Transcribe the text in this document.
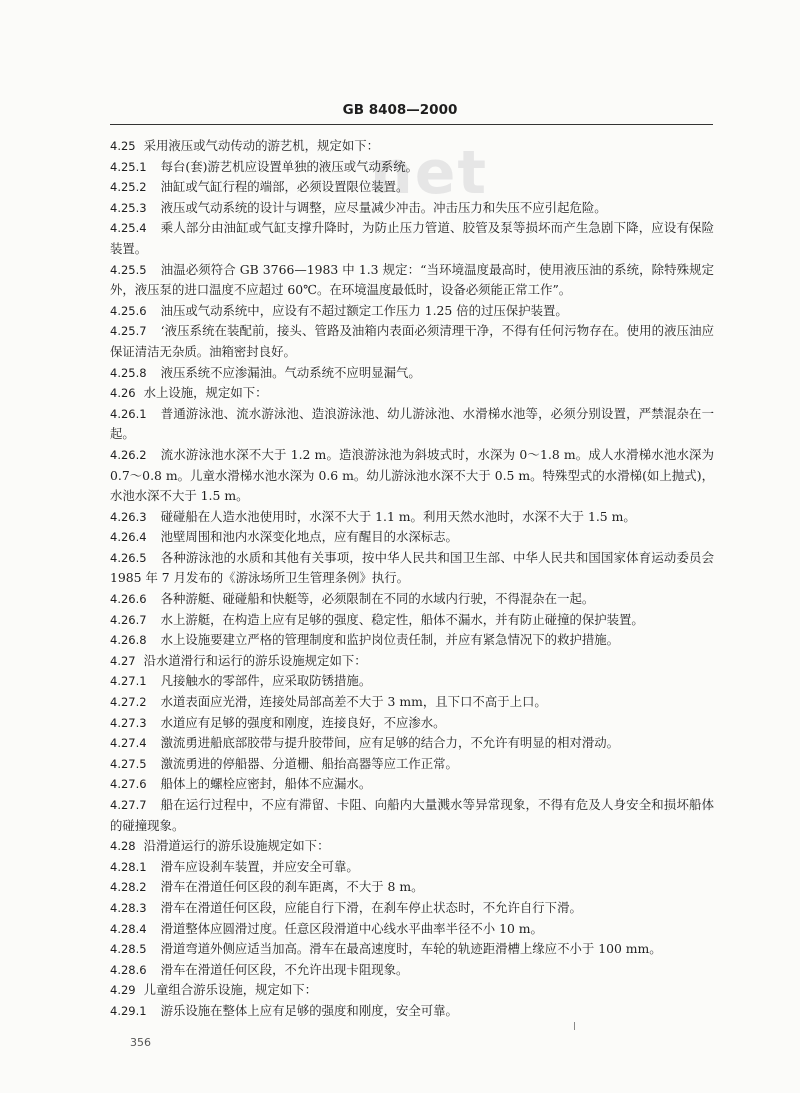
net
GB 8408—2000
4.25 采用液压或气动传动的游艺机，规定如下：
4.25.1 每台(套)游艺机应设置单独的液压或气动系统。
4.25.2 油缸或气缸行程的端部，必须设置限位装置。
4.25.3 液压或气动系统的设计与调整，应尽量减少冲击。冲击压力和失压不应引起危险。
4.25.4 乘人部分由油缸或气缸支撑升降时，为防止压力管道、胶管及泵等损坏而产生急剧下降，应设有保险装置。
4.25.5 油温必须符合 GB 3766—1983 中 1.3 规定：“当环境温度最高时，使用液压油的系统，除特殊规定外，液压泵的进口温度不应超过 60℃。在环境温度最低时，设备必须能正常工作”。
4.25.6 油压或气动系统中，应设有不超过额定工作压力 1.25 倍的过压保护装置。
4.25.7 ‘液压系统在装配前，接头、管路及油箱内表面必须清理干净，不得有任何污物存在。使用的液压油应保证清洁无杂质。油箱密封良好。
4.25.8 液压系统不应渗漏油。气动系统不应明显漏气。
4.26 水上设施，规定如下：
4.26.1 普通游泳池、流水游泳池、造浪游泳池、幼儿游泳池、水滑梯水池等，必须分别设置，严禁混杂在一起。
4.26.2 流水游泳池水深不大于 1.2 m。造浪游泳池为斜坡式时，水深为 0～1.8 m。成人水滑梯水池水深为 0.7～0.8 m。儿童水滑梯水池水深为 0.6 m。幼儿游泳池水深不大于 0.5 m。特殊型式的水滑梯(如上抛式)，水池水深不大于 1.5 m。
4.26.3 碰碰船在人造水池使用时，水深不大于 1.1 m。利用天然水池时，水深不大于 1.5 m。
4.26.4 池壁周围和池内水深变化地点，应有醒目的水深标志。
4.26.5 各种游泳池的水质和其他有关事项，按中华人民共和国卫生部、中华人民共和国国家体育运动委员会 1985 年 7 月发布的《游泳场所卫生管理条例》执行。
4.26.6 各种游艇、碰碰船和快艇等，必须限制在不同的水域内行驶，不得混杂在一起。
4.26.7 水上游艇，在构造上应有足够的强度、稳定性，船体不漏水，并有防止碰撞的保护装置。
4.26.8 水上设施要建立严格的管理制度和监护岗位责任制，并应有紧急情况下的救护措施。
4.27 沿水道滑行和运行的游乐设施规定如下：
4.27.1 凡接触水的零部件，应采取防锈措施。
4.27.2 水道表面应光滑，连接处局部高差不大于 3 mm，且下口不高于上口。
4.27.3 水道应有足够的强度和刚度，连接良好，不应渗水。
4.27.4 激流勇进船底部胶带与提升胶带间，应有足够的结合力，不允许有明显的相对滑动。
4.27.5 激流勇进的停船器、分道栅、船抬高器等应工作正常。
4.27.6 船体上的螺栓应密封，船体不应漏水。
4.27.7 船在运行过程中，不应有滞留、卡阻、向船内大量溅水等异常现象，不得有危及人身安全和损坏船体的碰撞现象。
4.28 沿滑道运行的游乐设施规定如下：
4.28.1 滑车应设刹车装置，并应安全可靠。
4.28.2 滑车在滑道任何区段的刹车距离，不大于 8 m。
4.28.3 滑车在滑道任何区段，应能自行下滑，在刹车停止状态时，不允许自行下滑。
4.28.4 滑道整体应圆滑过度。任意区段滑道中心线水平曲率半径不小 10 m。
4.28.5 滑道弯道外侧应适当加高。滑车在最高速度时，车轮的轨迹距滑槽上缘应不小于 100 mm。
4.28.6 滑车在滑道任何区段，不允许出现卡阻现象。
4.29 儿童组合游乐设施，规定如下：
4.29.1 游乐设施在整体上应有足够的强度和刚度，安全可靠。
356
